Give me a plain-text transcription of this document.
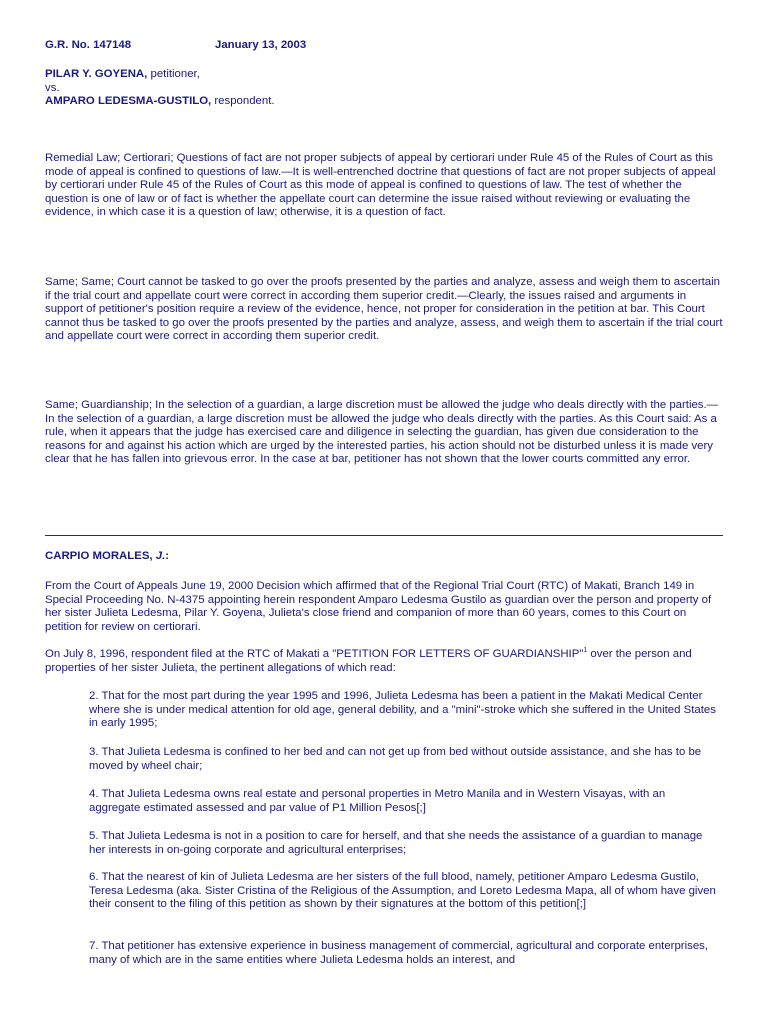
G.R. No. 147148	January 13, 2003
PILAR Y. GOYENA, petitioner,
vs.
AMPARO LEDESMA-GUSTILO, respondent.

Remedial Law; Certiorari; Questions of fact are not proper subjects of appeal by certiorari under Rule 45 of the Rules of Court as this mode of appeal is confined to questions of law.—It is well-entrenched doctrine that questions of fact are not proper subjects of appeal by certiorari under Rule 45 of the Rules of Court as this mode of appeal is confined to questions of law. The test of whether the question is one of law or of fact is whether the appellate court can determine the issue raised without reviewing or evaluating the evidence, in which case it is a question of law; otherwise, it is a question of fact.

Same; Same; Court cannot be tasked to go over the proofs presented by the parties and analyze, assess and weigh them to ascertain if the trial court and appellate court were correct in according them superior credit.—Clearly, the issues raised and arguments in support of petitioner's position require a review of the evidence, hence, not proper for consideration in the petition at bar. This Court cannot thus be tasked to go over the proofs presented by the parties and analyze, assess, and weigh them to ascertain if the trial court and appellate court were correct in according them superior credit.

Same; Guardianship; In the selection of a guardian, a large discretion must be allowed the judge who deals directly with the parties.—In the selection of a guardian, a large discretion must be allowed the judge who deals directly with the parties. As this Court said: As a rule, when it appears that the judge has exercised care and diligence in selecting the guardian, has given due consideration to the reasons for and against his action which are urged by the interested parties, his action should not be disturbed unless it is made very clear that he has fallen into grievous error. In the case at bar, petitioner has not shown that the lower courts committed any error.

CARPIO MORALES, J.:

From the Court of Appeals June 19, 2000 Decision which affirmed that of the Regional Trial Court (RTC) of Makati, Branch 149 in Special Proceeding No. N-4375 appointing herein respondent Amparo Ledesma Gustilo as guardian over the person and property of her sister Julieta Ledesma, Pilar Y. Goyena, Julieta's close friend and companion of more than 60 years, comes to this Court on petition for review on certiorari.

On July 8, 1996, respondent filed at the RTC of Makati a "PETITION FOR LETTERS OF GUARDIANSHIP"$^1$ over the person and properties of her sister Julieta, the pertinent allegations of which read:

2. That for the most part during the year 1995 and 1996, Julieta Ledesma has been a patient in the Makati Medical Center where she is under medical attention for old age, general debility, and a "mini"-stroke which she suffered in the United States in early 1995;

3. That Julieta Ledesma is confined to her bed and can not get up from bed without outside assistance, and she has to be moved by wheel chair;

4. That Julieta Ledesma owns real estate and personal properties in Metro Manila and in Western Visayas, with an aggregate estimated assessed and par value of P1 Million Pesos[;]

5. That Julieta Ledesma is not in a position to care for herself, and that she needs the assistance of a guardian to manage her interests in on-going corporate and agricultural enterprises;

6. That the nearest of kin of Julieta Ledesma are her sisters of the full blood, namely, petitioner Amparo Ledesma Gustilo, Teresa Ledesma (aka. Sister Cristina of the Religious of the Assumption, and Loreto Ledesma Mapa, all of whom have given their consent to the filing of this petition as shown by their signatures at the bottom of this petition[;]

7. That petitioner has extensive experience in business management of commercial, agricultural and corporate enterprises, many of which are in the same entities where Julieta Ledesma holds an interest, and
